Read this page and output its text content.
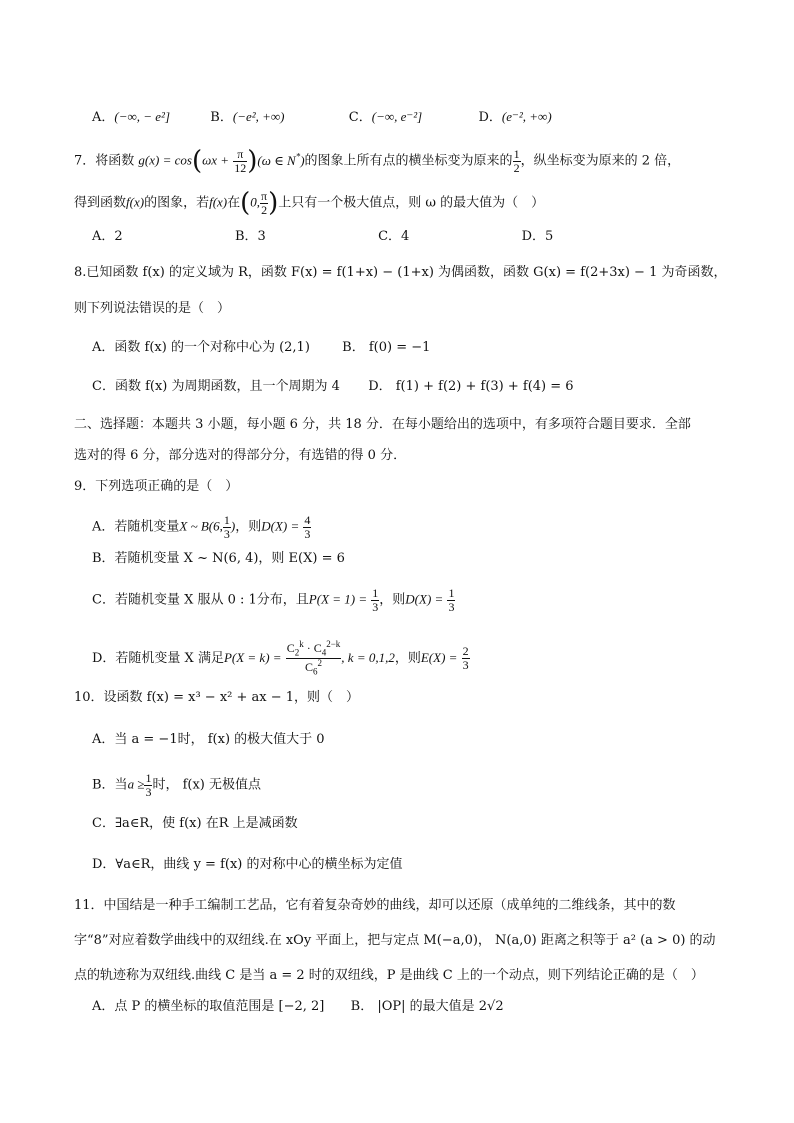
A．(−∞, − e²]	B．(−e², +∞)	C．(−∞, e⁻²]	D．(e⁻², +∞)
7．将函数 $g(x) = \cos(\omega x + \frac{\pi}{12} )(\omega$ ∈ N*)的图象上所有点的横坐标变为原来的 $\frac{1}{2}$ ，纵坐标变为原来的 2 倍，
得到函数f(x)的图象，若f(x)在(0, $\frac{\pi}{2}$ )上只有一个极大值点，则 ω 的最大值为（　）
A．2	B．3	C．4	D．5
8.已知函数 f(x) 的定义域为 R，函数 F(x) = f(1+x) − (1+x) 为偶函数，函数 G(x) = f(2+3x) − 1 为奇函数，
则下列说法错误的是（　）
A．函数 f(x) 的一个对称中心为 (2,1) B． f(0) = −1
C．函数 f(x) 为周期函数，且一个周期为 4 D． f(1) + f(2) + f(3) + f(4) = 6
二、选择题：本题共 3 小题，每小题 6 分，共 18 分．在每小题给出的选项中，有多项符合题目要求．全部
选对的得 6 分，部分选对的得部分分，有选错的得 0 分．
9．下列选项正确的是（　）
A．若随机变量X ~ B(6, $\frac{1}{3}$ )，则$D(X) = \frac{4}{3}$
B．若随机变量 X ~ N(6, 4)，则 E(X) = 6
C．若随机变量 X 服从 0 : 1分布，且$P(X = 1) = \frac{1}{3}$ ，则$D(X) = \frac{1}{3}$
D．若随机变量 X 满足$P(X = k) = \frac{C_2^k \cdot C_4^{2-k}}{C_6^2}$ , k = 0,1,2，则$E(X) = \frac{2}{3}$
10．设函数 f(x) = x³ − x² + ax − 1，则（　）
A．当 a = −1时， f(x) 的极大值大于 0
B．当$a \ge \frac{1}{3}$ 时， f(x) 无极值点
C．∃a∈R，使 f(x) 在R 上是减函数
D．∀a∈R，曲线 y = f(x) 的对称中心的横坐标为定值
11．中国结是一种手工编制工艺品，它有着复杂奇妙的曲线，却可以还原（成单纯的二维线条，其中的数
字“8”对应着数学曲线中的双纽线.在 xOy 平面上，把与定点 M(−a,0)， N(a,0) 距离之积等于 a² (a > 0) 的动
点的轨迹称为双纽线.曲线 C 是当 a = 2 时的双纽线，P 是曲线 C 上的一个动点，则下列结论正确的是（　）
A．点 P 的横坐标的取值范围是 [−2, 2] B． |OP| 的最大值是 2√2
